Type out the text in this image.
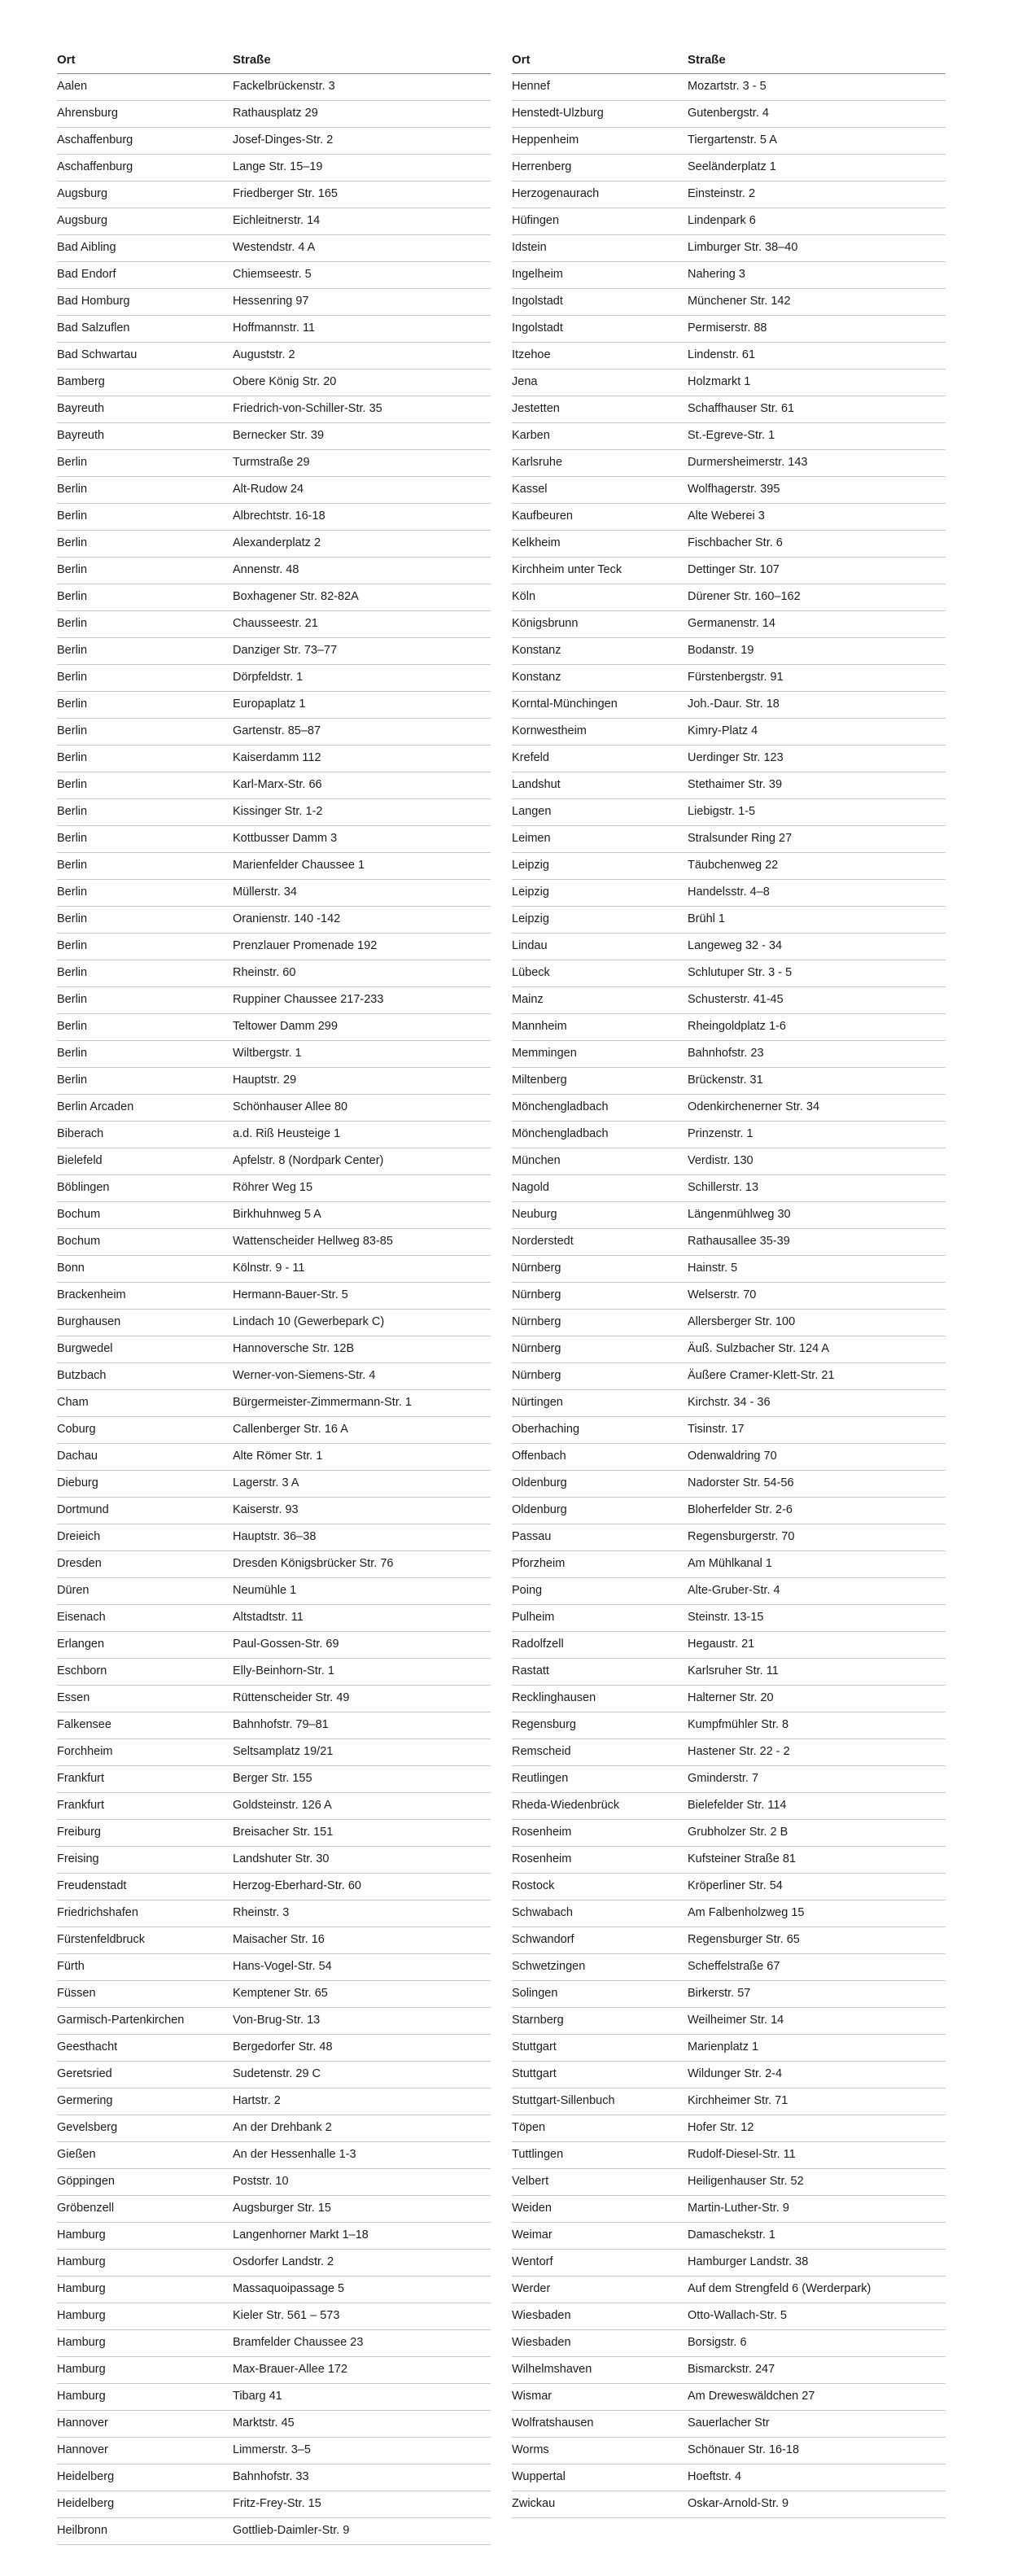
Ort	Straße
Aalen	Fackelbrückenstr. 3
Ahrensburg	Rathausplatz 29
Aschaffenburg	Josef-Dinges-Str. 2
Aschaffenburg	Lange Str. 15–19
Augsburg	Friedberger Str. 165
Augsburg	Eichleitnerstr. 14
Bad Aibling	Westendstr. 4 A
Bad Endorf	Chiemseestr. 5
Bad Homburg	Hessenring 97
Bad Salzuflen	Hoffmannstr. 11
Bad Schwartau	Auguststr. 2
Bamberg	Obere König Str. 20
Bayreuth	Friedrich-von-Schiller-Str. 35
Bayreuth	Bernecker Str. 39
Berlin	Turmstraße 29
Berlin	Alt-Rudow 24
Berlin	Albrechtstr. 16-18
Berlin	Alexanderplatz 2
Berlin	Annenstr. 48
Berlin	Boxhagener Str. 82-82A
Berlin	Chausseestr. 21
Berlin	Danziger Str. 73–77
Berlin	Dörpfeldstr. 1
Berlin	Europaplatz 1
Berlin	Gartenstr. 85–87
Berlin	Kaiserdamm 112
Berlin	Karl-Marx-Str. 66
Berlin	Kissinger Str. 1-2
Berlin	Kottbusser Damm 3
Berlin	Marienfelder Chaussee 1
Berlin	Müllerstr. 34
Berlin	Oranienstr. 140 -142
Berlin	Prenzlauer Promenade 192
Berlin	Rheinstr. 60
Berlin	Ruppiner Chaussee 217-233
Berlin	Teltower Damm 299
Berlin	Wiltbergstr. 1
Berlin	Hauptstr. 29
Berlin Arcaden	Schönhauser Allee 80
Biberach	a.d. Riß Heusteige 1
Bielefeld	Apfelstr. 8 (Nordpark Center)
Böblingen	Röhrer Weg 15
Bochum	Birkhuhnweg 5 A
Bochum	Wattenscheider Hellweg 83-85
Bonn	Kölnstr. 9 - 11
Brackenheim	Hermann-Bauer-Str. 5
Burghausen	Lindach 10 (Gewerbepark C)
Burgwedel	Hannoversche Str. 12B
Butzbach	Werner-von-Siemens-Str. 4
Cham	Bürgermeister-Zimmermann-Str. 1
Coburg	Callenberger Str. 16 A
Dachau	Alte Römer Str. 1
Dieburg	Lagerstr. 3 A
Dortmund	Kaiserstr. 93
Dreieich	Hauptstr. 36–38
Dresden	Dresden Königsbrücker Str. 76
Düren	Neumühle 1
Eisenach	Altstadtstr. 11
Erlangen	Paul-Gossen-Str. 69
Eschborn	Elly-Beinhorn-Str. 1
Essen	Rüttenscheider Str. 49
Falkensee	Bahnhofstr. 79–81
Forchheim	Seltsamplatz 19/21
Frankfurt	Berger Str. 155
Frankfurt	Goldsteinstr. 126 A
Freiburg	Breisacher Str. 151
Freising	Landshuter Str. 30
Freudenstadt	Herzog-Eberhard-Str. 60
Friedrichshafen	Rheinstr. 3
Fürstenfeldbruck	Maisacher Str. 16
Fürth	Hans-Vogel-Str. 54
Füssen	Kemptener Str. 65
Garmisch-Partenkirchen	Von-Brug-Str. 13
Geesthacht	Bergedorfer Str. 48
Geretsried	Sudetenstr. 29 C
Germering	Hartstr. 2
Gevelsberg	An der Drehbank 2
Gießen	An der Hessenhalle 1-3
Göppingen	Poststr. 10
Gröbenzell	Augsburger Str. 15
Hamburg	Langenhorner Markt 1–18
Hamburg	Osdorfer Landstr. 2
Hamburg	Massaquoipassage 5
Hamburg	Kieler Str. 561 – 573
Hamburg	Bramfelder Chaussee 23
Hamburg	Max-Brauer-Allee 172
Hamburg	Tibarg 41
Hannover	Marktstr. 45
Hannover	Limmerstr. 3–5
Heidelberg	Bahnhofstr. 33
Heidelberg	Fritz-Frey-Str. 15
Heilbronn	Gottlieb-Daimler-Str. 9
Ort	Straße
Hennef	Mozartstr. 3 - 5
Henstedt-Ulzburg	Gutenbergstr. 4
Heppenheim	Tiergartenstr. 5 A
Herrenberg	Seeländerplatz 1
Herzogenaurach	Einsteinstr. 2
Hüfingen	Lindenpark 6
Idstein	Limburger Str. 38–40
Ingelheim	Nahering 3
Ingolstadt	Münchener Str. 142
Ingolstadt	Permiserstr. 88
Itzehoe	Lindenstr. 61
Jena	Holzmarkt 1
Jestetten	Schaffhauser Str. 61
Karben	St.-Egreve-Str. 1
Karlsruhe	Durmersheimerstr. 143
Kassel	Wolfhagerstr. 395
Kaufbeuren	Alte Weberei 3
Kelkheim	Fischbacher Str. 6
Kirchheim unter Teck	Dettinger Str. 107
Köln	Dürener Str. 160–162
Königsbrunn	Germanenstr. 14
Konstanz	Bodanstr. 19
Konstanz	Fürstenbergstr. 91
Korntal-Münchingen	Joh.-Daur. Str. 18
Kornwestheim	Kimry-Platz 4
Krefeld	Uerdinger Str. 123
Landshut	Stethaimer Str. 39
Langen	Liebigstr. 1-5
Leimen	Stralsunder Ring 27
Leipzig	Täubchenweg 22
Leipzig	Handelsstr. 4–8
Leipzig	Brühl 1
Lindau	Langeweg 32 - 34
Lübeck	Schlutuper Str. 3 - 5
Mainz	Schusterstr. 41-45
Mannheim	Rheingoldplatz 1-6
Memmingen	Bahnhofstr. 23
Miltenberg	Brückenstr. 31
Mönchengladbach	Odenkirchenerner Str. 34
Mönchengladbach	Prinzenstr. 1
München	Verdistr. 130
Nagold	Schillerstr. 13
Neuburg	Längenmühlweg 30
Norderstedt	Rathausallee 35-39
Nürnberg	Hainstr. 5
Nürnberg	Welserstr. 70
Nürnberg	Allersberger Str. 100
Nürnberg	Äuß. Sulzbacher Str. 124 A
Nürnberg	Äußere Cramer-Klett-Str. 21
Nürtingen	Kirchstr. 34 - 36
Oberhaching	Tisinstr. 17
Offenbach	Odenwaldring 70
Oldenburg	Nadorster Str. 54-56
Oldenburg	Bloherfelder Str. 2-6
Passau	Regensburgerstr. 70
Pforzheim	Am Mühlkanal 1
Poing	Alte-Gruber-Str. 4
Pulheim	Steinstr. 13-15
Radolfzell	Hegaustr. 21
Rastatt	Karlsruher Str. 11
Recklinghausen	Halterner Str. 20
Regensburg	Kumpfmühler Str. 8
Remscheid	Hastener Str. 22 - 2
Reutlingen	Gminderstr. 7
Rheda-Wiedenbrück	Bielefelder Str. 114
Rosenheim	Grubholzer Str. 2 B
Rosenheim	Kufsteiner Straße 81
Rostock	Kröperliner Str. 54
Schwabach	Am Falbenholzweg 15
Schwandorf	Regensburger Str. 65
Schwetzingen	Scheffelstraße 67
Solingen	Birkerstr. 57
Starnberg	Weilheimer Str. 14
Stuttgart	Marienplatz 1
Stuttgart	Wildunger Str. 2-4
Stuttgart-Sillenbuch	Kirchheimer Str. 71
Töpen	Hofer Str. 12
Tuttlingen	Rudolf-Diesel-Str. 11
Velbert	Heiligenhauser Str. 52
Weiden	Martin-Luther-Str. 9
Weimar	Damaschekstr. 1
Wentorf	Hamburger Landstr. 38
Werder	Auf dem Strengfeld 6 (Werderpark)
Wiesbaden	Otto-Wallach-Str. 5
Wiesbaden	Borsigstr. 6
Wilhelmshaven	Bismarckstr. 247
Wismar	Am Dreweswäldchen 27
Wolfratshausen	Sauerlacher Str
Worms	Schönauer Str. 16-18
Wuppertal	Hoeftstr. 4
Zwickau	Oskar-Arnold-Str. 9
